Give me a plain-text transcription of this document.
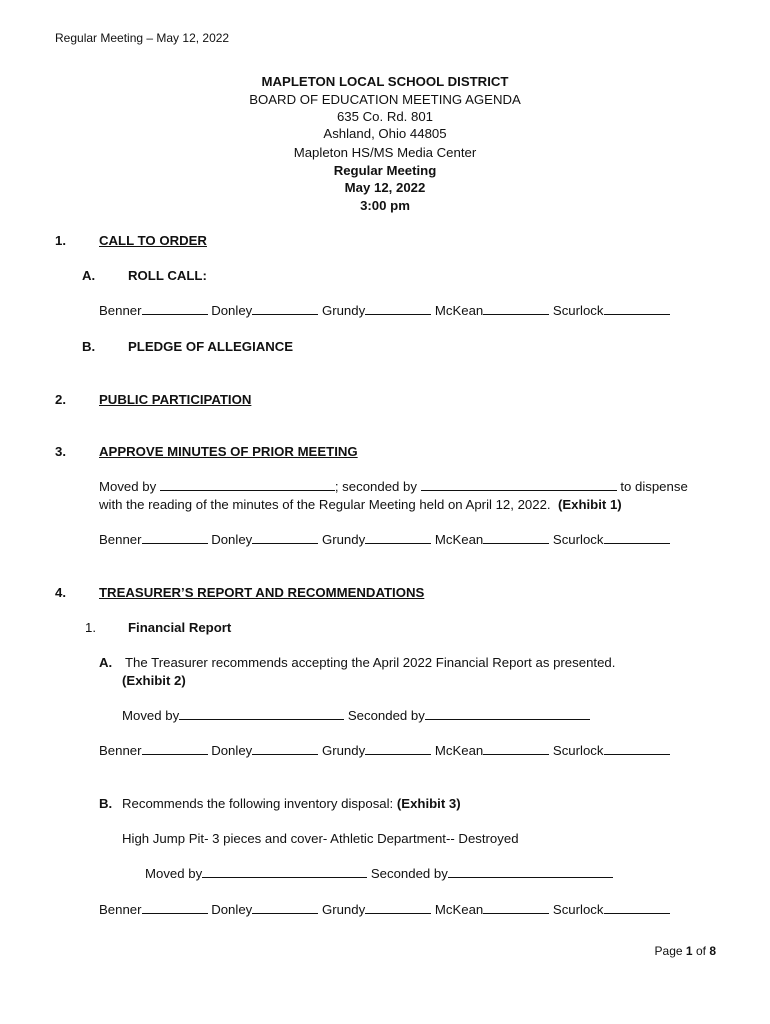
Regular Meeting – May 12, 2022
MAPLETON LOCAL SCHOOL DISTRICT
BOARD OF EDUCATION MEETING AGENDA
635 Co. Rd. 801
Ashland, Ohio 44805
Mapleton HS/MS Media Center
Regular Meeting
May 12, 2022
3:00 pm
1.	CALL TO ORDER
A. ROLL CALL:
Benner	Donley	Grundy	McKean	Scurlock
B. PLEDGE OF ALLEGIANCE
2.	PUBLIC PARTICIPATION
3.	APPROVE MINUTES OF PRIOR MEETING
Moved by	; seconded by	to dispense
with the reading of the minutes of the Regular Meeting held on April 12, 2022. (Exhibit 1)
Benner	Donley	Grundy	McKean	Scurlock
4.	TREASURER’S REPORT AND RECOMMENDATIONS
1. Financial Report
A. The Treasurer recommends accepting the April 2022 Financial Report as presented.
(Exhibit 2)
Moved by	Seconded by
Benner	Donley	Grundy	McKean	Scurlock
B. Recommends the following inventory disposal: (Exhibit 3)
High Jump Pit- 3 pieces and cover- Athletic Department-- Destroyed
Moved by	Seconded by
Benner	Donley	Grundy	McKean	Scurlock
Page 1 of 8
